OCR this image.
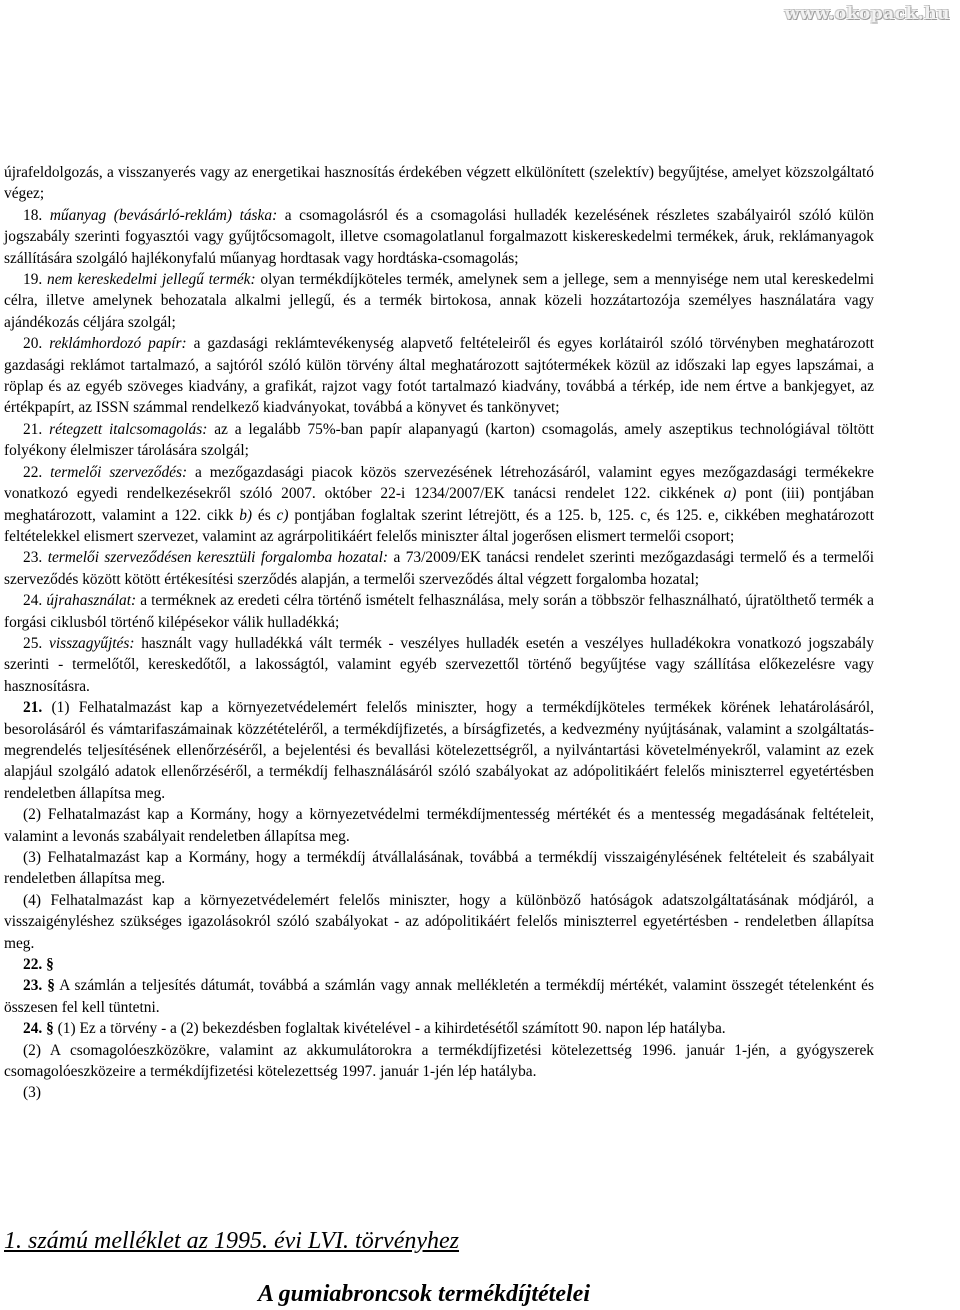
www.okopack.hu

újrafeldolgozás, a visszanyerés vagy az energetikai hasznosítás érdekében végzett elkülönített (szelektív) begyűjtése, amelyet közszolgáltató végez;

18. műanyag (bevásárló-reklám) táska: a csomagolásról és a csomagolási hulladék kezelésének részletes szabályairól szóló külön jogszabály szerinti fogyasztói vagy gyűjtőcsomagolt, illetve csomagolatlanul forgalmazott kiskereskedelmi termékek, áruk, reklámanyagok szállítására szolgáló hajlékonyfalú műanyag hordtasak vagy hordtáska-csomagolás;

19. nem kereskedelmi jellegű termék: olyan termékdíjköteles termék, amelynek sem a jellege, sem a mennyisége nem utal kereskedelmi célra, illetve amelynek behozatala alkalmi jellegű, és a termék birtokosa, annak közeli hozzátartozója személyes használatára vagy ajándékozás céljára szolgál;

20. reklámhordozó papír: a gazdasági reklámtevékenység alapvető feltételeiről és egyes korlátairól szóló törvényben meghatározott gazdasági reklámot tartalmazó, a sajtóról szóló külön törvény által meghatározott sajtótermékek közül az időszaki lap egyes lapszámai, a röplap és az egyéb szöveges kiadvány, a grafikát, rajzot vagy fotót tartalmazó kiadvány, továbbá a térkép, ide nem értve a bankjegyet, az értékpapírt, az ISSN számmal rendelkező kiadványokat, továbbá a könyvet és tankönyvet;

21. rétegzett italcsomagolás: az a legalább 75%-ban papír alapanyagú (karton) csomagolás, amely aszeptikus technológiával töltött folyékony élelmiszer tárolására szolgál;

22. termelői szerveződés: a mezőgazdasági piacok közös szervezésének létrehozásáról, valamint egyes mezőgazdasági termékekre vonatkozó egyedi rendelkezésekről szóló 2007. október 22-i 1234/2007/EK tanácsi rendelet 122. cikkének a) pont (iii) pontjában meghatározott, valamint a 122. cikk b) és c) pontjában foglaltak szerint létrejött, és a 125. b, 125. c, és 125. e, cikkében meghatározott feltételekkel elismert szervezet, valamint az agrárpolitikáért felelős miniszter által jogerősen elismert termelői csoport;

23. termelői szerveződésen keresztüli forgalomba hozatal: a 73/2009/EK tanácsi rendelet szerinti mezőgazdasági termelő és a termelői szerveződés között kötött értékesítési szerződés alapján, a termelői szerveződés által végzett forgalomba hozatal;

24. újrahasználat: a terméknek az eredeti célra történő ismételt felhasználása, mely során a többször felhasználható, újratölthető termék a forgási ciklusból történő kilépésekor válik hulladékká;

25. visszagyűjtés: használt vagy hulladékká vált termék - veszélyes hulladék esetén a veszélyes hulladékokra vonatkozó jogszabály szerinti - termelőtől, kereskedőtől, a lakosságtól, valamint egyéb szervezettől történő begyűjtése vagy szállítása előkezelésre vagy hasznosításra.

21. (1) Felhatalmazást kap a környezetvédelemért felelős miniszter, hogy a termékdíjköteles termékek körének lehatárolásáról, besorolásáról és vámtarifaszámainak közzétételéről, a termékdíjfizetés, a bírságfizetés, a kedvezmény nyújtásának, valamint a szolgáltatás-megrendelés teljesítésének ellenőrzéséről, a bejelentési és bevallási kötelezettségről, a nyilvántartási követelményekről, valamint az ezek alapjául szolgáló adatok ellenőrzéséről, a termékdíj felhasználásáról szóló szabályokat az adópolitikáért felelős miniszterrel egyetértésben rendeletben állapítsa meg.

(2) Felhatalmazást kap a Kormány, hogy a környezetvédelmi termékdíjmentesség mértékét és a mentesség megadásának feltételeit, valamint a levonás szabályait rendeletben állapítsa meg.

(3) Felhatalmazást kap a Kormány, hogy a termékdíj átvállalásának, továbbá a termékdíj visszaigénylésének feltételeit és szabályait rendeletben állapítsa meg.

(4) Felhatalmazást kap a környezetvédelemért felelős miniszter, hogy a különböző hatóságok adatszolgáltatásának módjáról, a visszaigényléshez szükséges igazolásokról szóló szabályokat - az adópolitikáért felelős miniszterrel egyetértésben - rendeletben állapítsa meg.

22. §

23. § A számlán a teljesítés dátumát, továbbá a számlán vagy annak mellékletén a termékdíj mértékét, valamint összegét tételenként és összesen fel kell tüntetni.

24. § (1) Ez a törvény - a (2) bekezdésben foglaltak kivételével - a kihirdetésétől számított 90. napon lép hatályba.

(2) A csomagolóeszközökre, valamint az akkumulátorokra a termékdíjfizetési kötelezettség 1996. január 1-jén, a gyógyszerek csomagolóeszközeire a termékdíjfizetési kötelezettség 1997. január 1-jén lép hatályba.

(3)

1. számú melléklet az 1995. évi LVI. törvényhez
A gumiabroncsok termékdíjtételei
